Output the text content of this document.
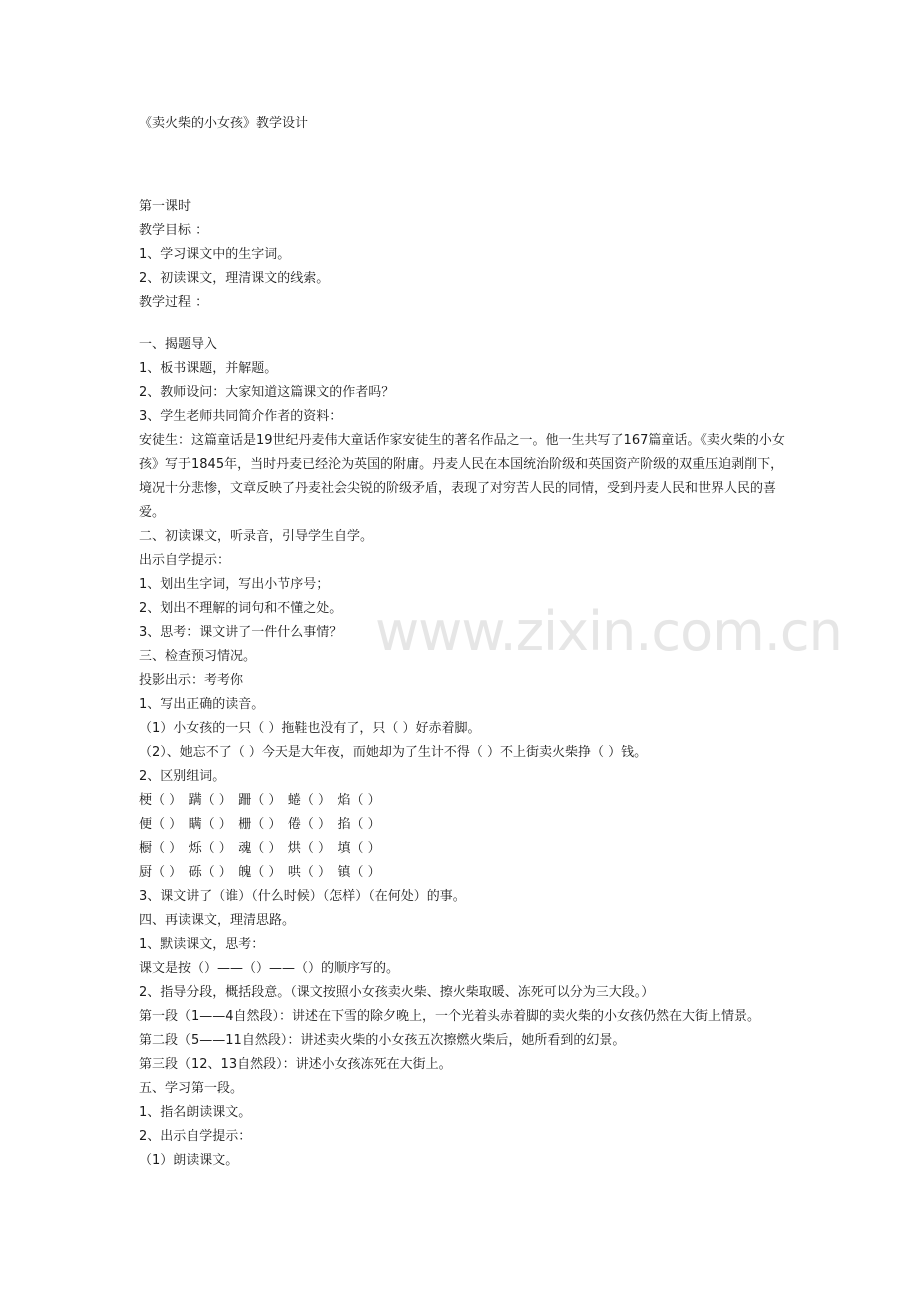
《卖火柴的小女孩》教学设计
第一课时
教学目标 ：
1、学习课文中的生字词。
2、初读课文，理清课文的线索。
教学过程 ：
一、揭题导入
1、板书课题，并解题。
2、教师设问：大家知道这篇课文的作者吗？
3、学生老师共同简介作者的资料：
安徒生：这篇童话是19世纪丹麦伟大童话作家安徒生的著名作品之一。他一生共写了167篇童话。《卖火柴的小女孩》写于1845年，当时丹麦已经沦为英国的附庸。丹麦人民在本国统治阶级和英国资产阶级的双重压迫剥削下，境况十分悲惨，文章反映了丹麦社会尖锐的阶级矛盾，表现了对穷苦人民的同情，受到丹麦人民和世界人民的喜爱。
二、初读课文，听录音，引导学生自学。
出示自学提示：
1、划出生字词，写出小节序号；
2、划出不理解的词句和不懂之处。
3、思考：课文讲了一件什么事情？
三、检查预习情况。
投影出示：考考你
1、写出正确的读音。
（1）小女孩的一只（ ）拖鞋也没有了，只（ ）好赤着脚。
（2）、她忘不了（ ）今天是大年夜，而她却为了生计不得（ ）不上街卖火柴挣（ ）钱。
2、区别组词。
梗（ ）　蹒（ ）　跚（ ）　蜷（ ）　焰（ ）
便（ ）　瞒（ ）　栅（ ）　倦（ ）　掐（ ）
橱（ ）　烁（ ）　魂（ ）　烘（ ）　填（ ）
厨（ ）　砾（ ）　魄（ ）　哄（ ）　镇（ ）
3、课文讲了（谁）（什么时候）（怎样）（在何处）的事。
四、再读课文，理清思路。
1、默读课文，思考：
课文是按（）——（）——（）的顺序写的。
2、指导分段，概括段意。（课文按照小女孩卖火柴、擦火柴取暖、冻死可以分为三大段。）
第一段（1——4自然段）：讲述在下雪的除夕晚上，一个光着头赤着脚的卖火柴的小女孩仍然在大街上情景。
第二段（5——11自然段）：讲述卖火柴的小女孩五次擦燃火柴后，她所看到的幻景。
第三段（12、13自然段）：讲述小女孩冻死在大街上。
五、学习第一段。
1、指名朗读课文。
2、出示自学提示：
（1）朗读课文。
www.zixin.com.cn
